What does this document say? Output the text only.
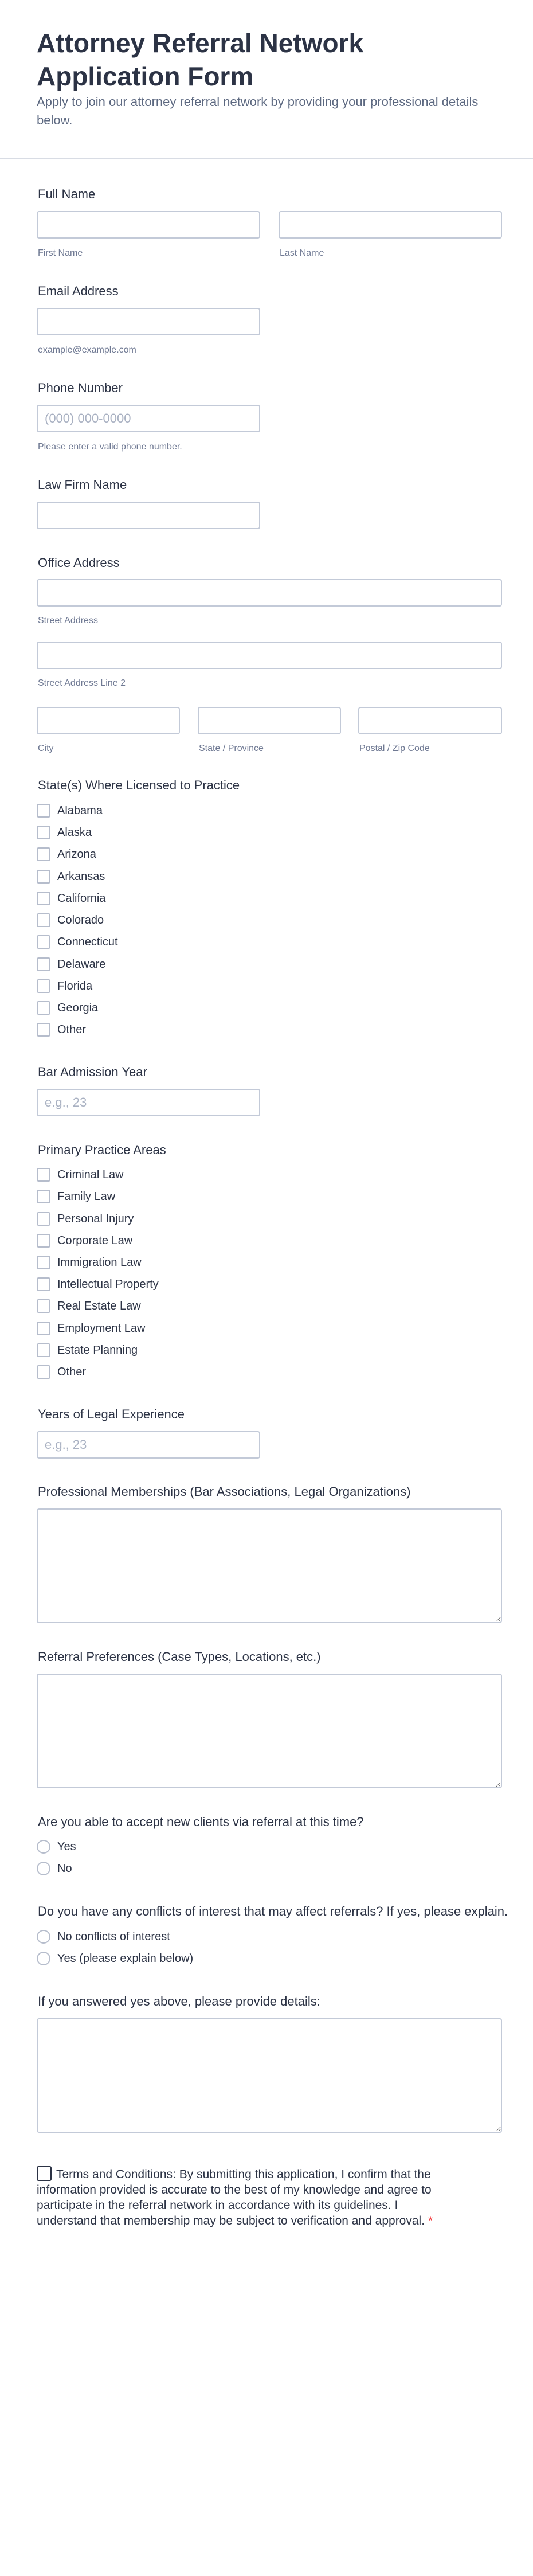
Attorney Referral Network Application Form

Apply to join our attorney referral network by providing your professional details below.

Full Name
First Name	Last Name
Email Address
example@example.com
Phone Number
(000) 000-0000
Please enter a valid phone number.
Law Firm Name
Office Address
Street Address
Street Address Line 2
City	State / Province	Postal / Zip Code
State(s) Where Licensed to Practice
Alabama
Alaska
Arizona
Arkansas
California
Colorado
Connecticut
Delaware
Florida
Georgia
Other
Bar Admission Year
e.g., 23
Primary Practice Areas
Criminal Law
Family Law
Personal Injury
Corporate Law
Immigration Law
Intellectual Property
Real Estate Law
Employment Law
Estate Planning
Other
Years of Legal Experience
e.g., 23
Professional Memberships (Bar Associations, Legal Organizations)
Referral Preferences (Case Types, Locations, etc.)
Are you able to accept new clients via referral at this time?
Yes
No
Do you have any conflicts of interest that may affect referrals? If yes, please explain.
No conflicts of interest
Yes (please explain below)
If you answered yes above, please provide details:
Terms and Conditions: By submitting this application, I confirm that the information provided is accurate to the best of my knowledge and agree to participate in the referral network in accordance with its guidelines. I understand that membership may be subject to verification and approval. *
